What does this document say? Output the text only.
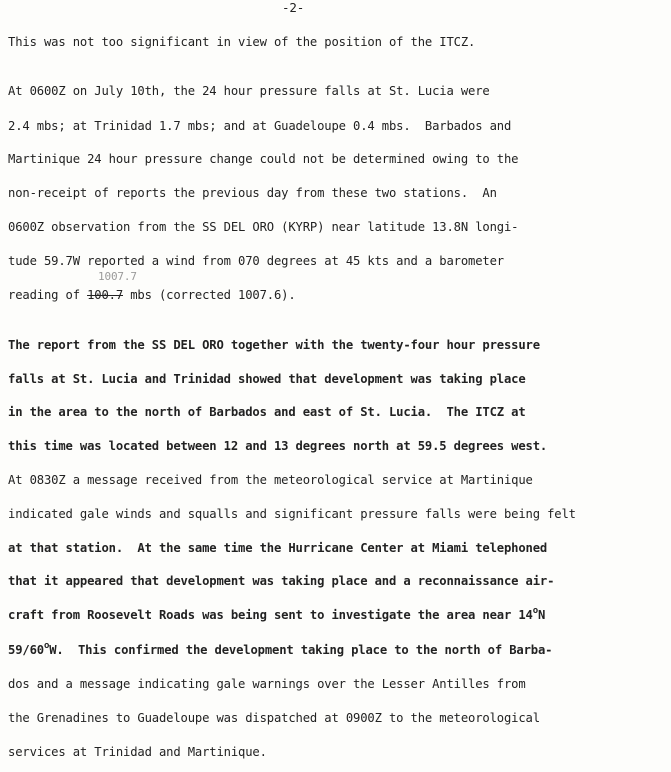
-2-
This was not too significant in view of the position of the ITCZ.
At 0600Z on July 10th, the 24 hour pressure falls at St. Lucia were
2.4 mbs; at Trinidad 1.7 mbs; and at Guadeloupe 0.4 mbs.  Barbados and
Martinique 24 hour pressure change could not be determined owing to the
non-receipt of reports the previous day from these two stations.  An
0600Z observation from the SS DEL ORO (KYRP) near latitude 13.8N longi-
tude 59.7W reported a wind from 070 degrees at 45 kts and a barometer
1007.7
reading of 100.7 mbs (corrected 1007.6).
The report from the SS DEL ORO together with the twenty-four hour pressure
falls at St. Lucia and Trinidad showed that development was taking place
in the area to the north of Barbados and east of St. Lucia.  The ITCZ at
this time was located between 12 and 13 degrees north at 59.5 degrees west.
At 0830Z a message received from the meteorological service at Martinique
indicated gale winds and squalls and significant pressure falls were being felt
at that station.  At the same time the Hurricane Center at Miami telephoned
that it appeared that development was taking place and a reconnaissance air-
craft from Roosevelt Roads was being sent to investigate the area near 14$^o$N
59/60$^o$W.  This confirmed the development taking place to the north of Barba-
dos and a message indicating gale warnings over the Lesser Antilles from
the Grenadines to Guadeloupe was dispatched at 0900Z to the meteorological
services at Trinidad and Martinique.
